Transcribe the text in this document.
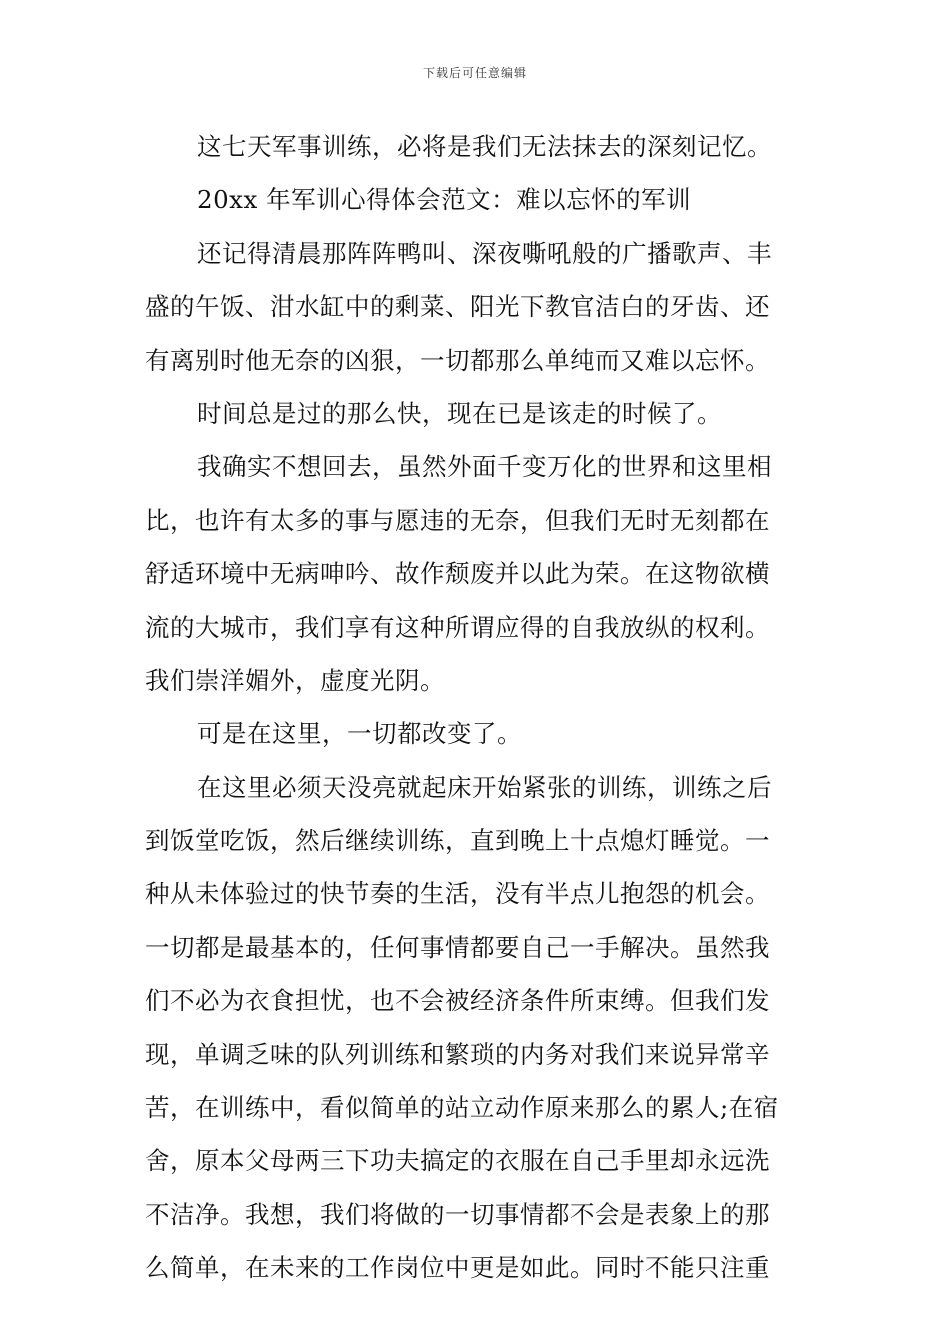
下载后可任意编辑
这七天军事训练，必将是我们无法抹去的深刻记忆。
20xx 年军训心得体会范文：难以忘怀的军训
还记得清晨那阵阵鸭叫、深夜嘶吼般的广播歌声、丰
盛的午饭、泔水缸中的剩菜、阳光下教官洁白的牙齿、还
有离别时他无奈的凶狠，一切都那么单纯而又难以忘怀。
时间总是过的那么快，现在已是该走的时候了。
我确实不想回去，虽然外面千变万化的世界和这里相
比，也许有太多的事与愿违的无奈，但我们无时无刻都在
舒适环境中无病呻吟、故作颓废并以此为荣。在这物欲横
流的大城市，我们享有这种所谓应得的自我放纵的权利。
我们崇洋媚外，虚度光阴。
可是在这里，一切都改变了。
在这里必须天没亮就起床开始紧张的训练，训练之后
到饭堂吃饭，然后继续训练，直到晚上十点熄灯睡觉。一
种从未体验过的快节奏的生活，没有半点儿抱怨的机会。
一切都是最基本的，任何事情都要自己一手解决。虽然我
们不必为衣食担忧，也不会被经济条件所束缚。但我们发
现，单调乏味的队列训练和繁琐的内务对我们来说异常辛
苦，在训练中，看似简单的站立动作原来那么的累人;在宿
舍，原本父母两三下功夫搞定的衣服在自己手里却永远洗
不洁净。我想，我们将做的一切事情都不会是表象上的那
么简单，在未来的工作岗位中更是如此。同时不能只注重
